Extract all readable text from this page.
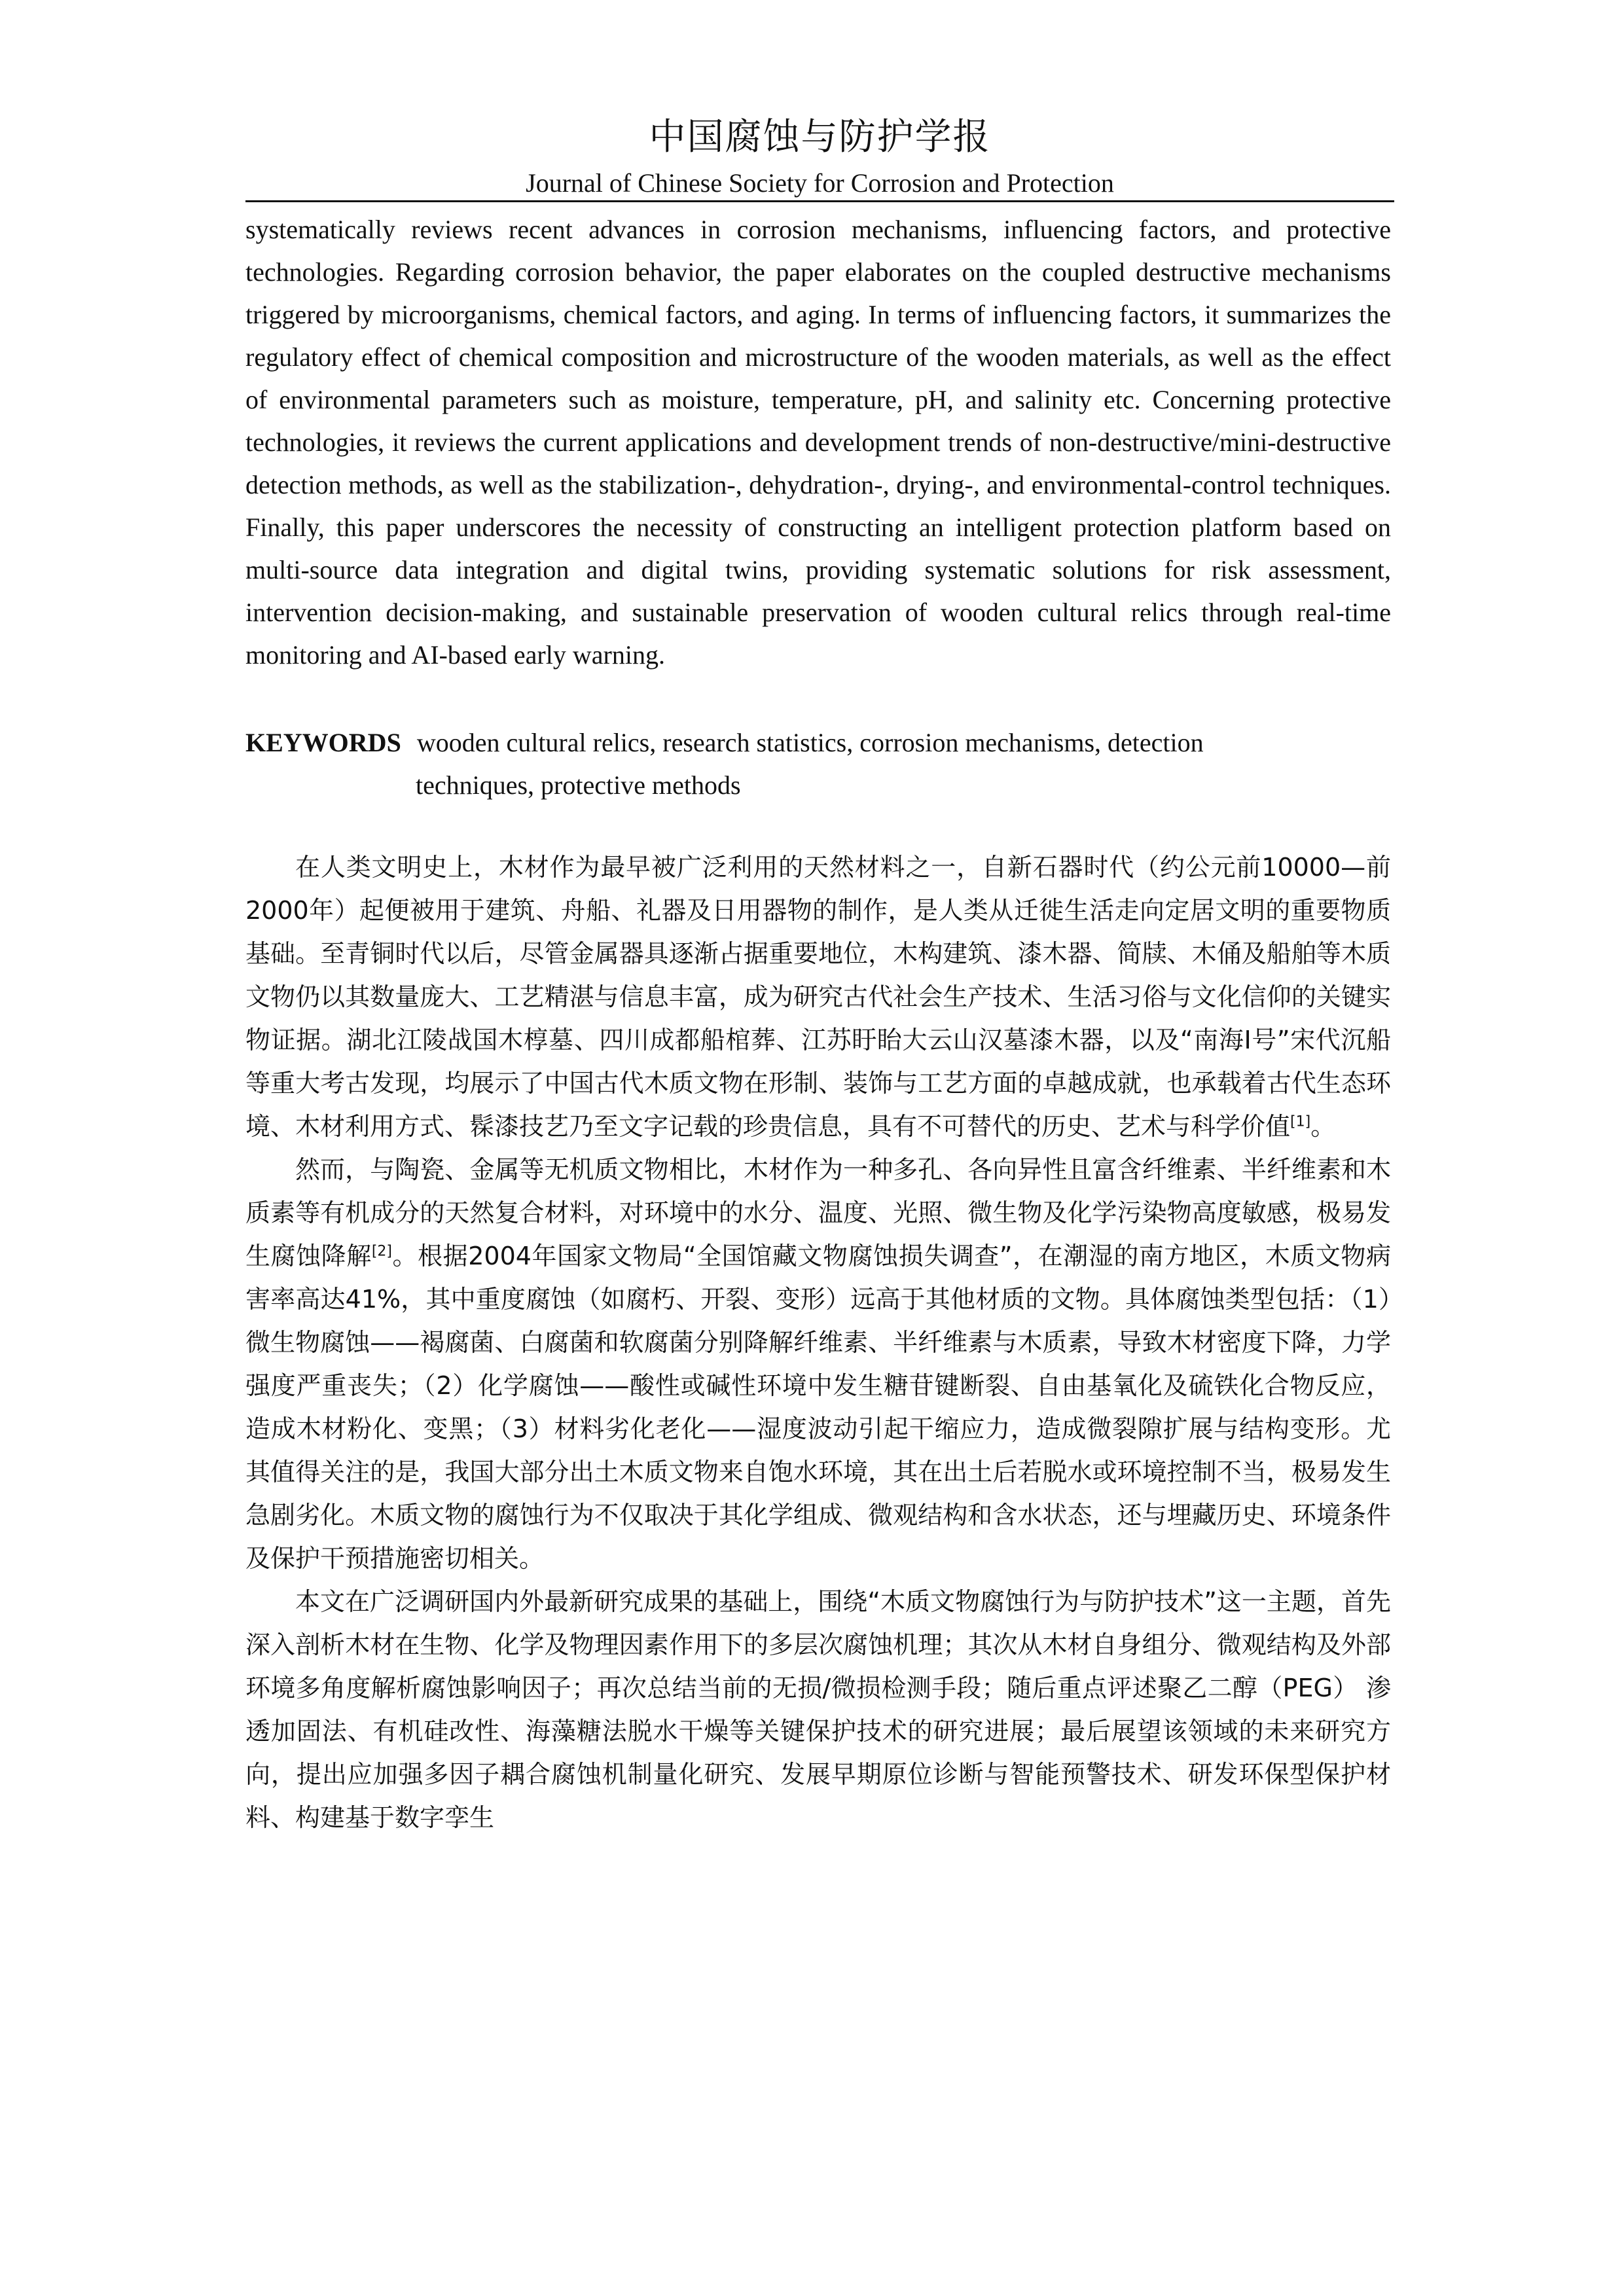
中国腐蚀与防护学报
Journal of Chinese Society for Corrosion and Protection

systematically reviews recent advances in corrosion mechanisms, influencing factors, and protective technologies. Regarding corrosion behavior, the paper elaborates on the coupled destructive mechanisms triggered by microorganisms, chemical factors, and aging. In terms of influencing factors, it summarizes the regulatory effect of chemical composition and microstructure of the wooden materials, as well as the effect of environmental parameters such as moisture, temperature, pH, and salinity etc. Concerning protective technologies, it reviews the current applications and development trends of non-destructive/mini-destructive detection methods, as well as the stabilization-, dehydration-, drying-, and environmental-control techniques. Finally, this paper underscores the necessity of constructing an intelligent protection platform based on multi-source data integration and digital twins, providing systematic solutions for risk assessment, intervention decision-making, and sustainable preservation of wooden cultural relics through real-time monitoring and AI-based early warning.

KEYWORDS wooden cultural relics, research statistics, corrosion mechanisms, detection
techniques, protective methods

在人类文明史上，木材作为最早被广泛利用的天然材料之一，自新石器时代（约公元前10000—前2000年）起便被用于建筑、舟船、礼器及日用器物的制作，是人类从迁徙生活走向定居文明的重要物质基础。至青铜时代以后，尽管金属器具逐渐占据重要地位，木构建筑、漆木器、简牍、木俑及船舶等木质文物仍以其数量庞大、工艺精湛与信息丰富，成为研究古代社会生产技术、生活习俗与文化信仰的关键实物证据。湖北江陵战国木椁墓、四川成都船棺葬、江苏盱眙大云山汉墓漆木器，以及“南海I号”宋代沉船等重大考古发现，均展示了中国古代木质文物在形制、装饰与工艺方面的卓越成就，也承载着古代生态环境、木材利用方式、髹漆技艺乃至文字记载的珍贵信息，具有不可替代的历史、艺术与科学价值[1]。

然而，与陶瓷、金属等无机质文物相比，木材作为一种多孔、各向异性且富含纤维素、半纤维素和木质素等有机成分的天然复合材料，对环境中的水分、温度、光照、微生物及化学污染物高度敏感，极易发生腐蚀降解[2]。根据2004年国家文物局“全国馆藏文物腐蚀损失调查”，在潮湿的南方地区，木质文物病害率高达41%，其中重度腐蚀（如腐朽、开裂、变形）远高于其他材质的文物。具体腐蚀类型包括：（1）微生物腐蚀——褐腐菌、白腐菌和软腐菌分别降解纤维素、半纤维素与木质素，导致木材密度下降，力学强度严重丧失；（2）化学腐蚀——酸性或碱性环境中发生糖苷键断裂、自由基氧化及硫铁化合物反应，造成木材粉化、变黑；（3）材料劣化老化——湿度波动引起干缩应力，造成微裂隙扩展与结构变形。尤其值得关注的是，我国大部分出土木质文物来自饱水环境，其在出土后若脱水或环境控制不当，极易发生急剧劣化。木质文物的腐蚀行为不仅取决于其化学组成、微观结构和含水状态，还与埋藏历史、环境条件及保护干预措施密切相关。

本文在广泛调研国内外最新研究成果的基础上，围绕“木质文物腐蚀行为与防护技术”这一主题，首先深入剖析木材在生物、化学及物理因素作用下的多层次腐蚀机理；其次从木材自身组分、微观结构及外部环境多角度解析腐蚀影响因子；再次总结当前的无损/微损检测手段；随后重点评述聚乙二醇（PEG） 渗透加固法、有机硅改性、海藻糖法脱水干燥等关键保护技术的研究进展；最后展望该领域的未来研究方向，提出应加强多因子耦合腐蚀机制量化研究、发展早期原位诊断与智能预警技术、研发环保型保护材料、构建基于数字孪生
